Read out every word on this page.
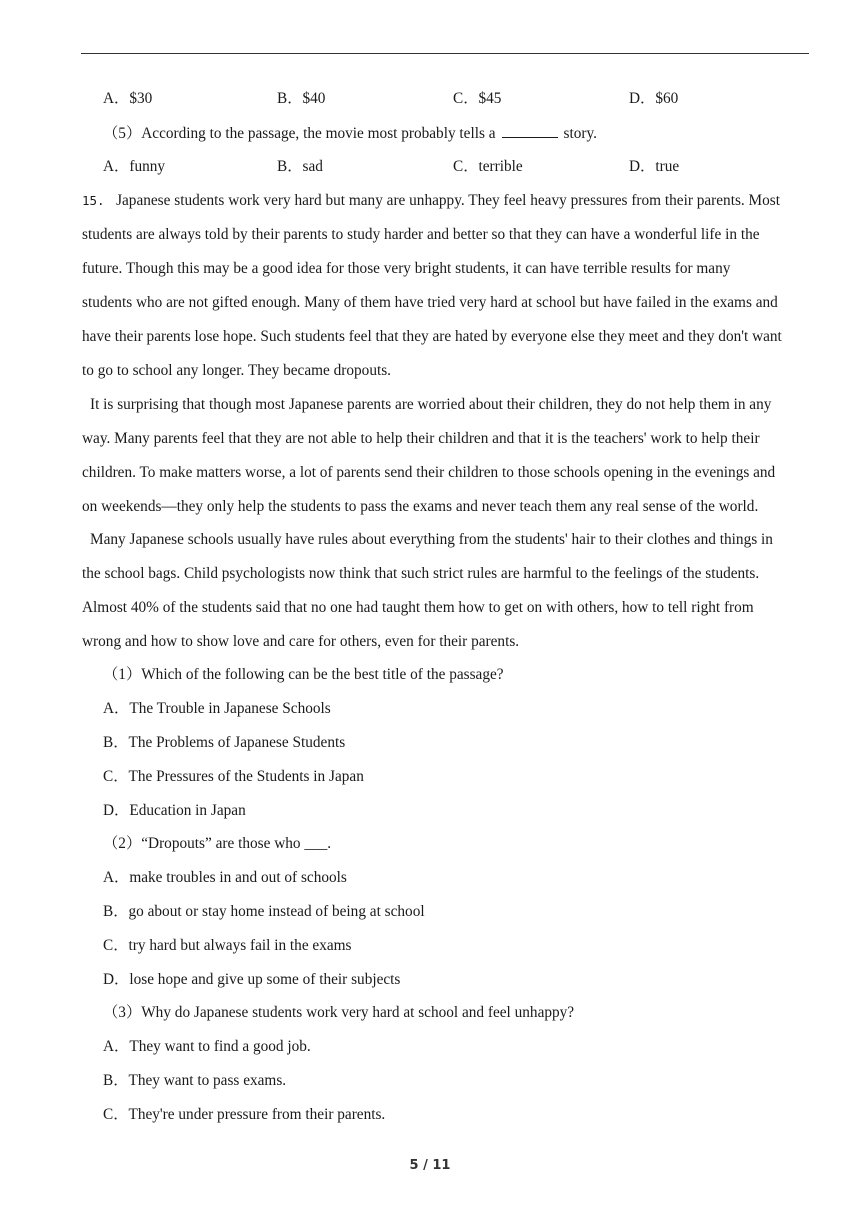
A．$30	B．$40	C．$45	D．$60
（5）According to the passage, the movie most probably tells a	story.
A．funny	B．sad	C．terrible	D．true
15. Japanese students work very hard but many are unhappy. They feel heavy pressures from their parents. Most
students are always told by their parents to study harder and better so that they can have a wonderful life in the
future. Though this may be a good idea for those very bright students, it can have terrible results for many
students who are not gifted enough. Many of them have tried very hard at school but have failed in the exams and
have their parents lose hope. Such students feel that they are hated by everyone else they meet and they don't want
to go to school any longer. They became dropouts.
It is surprising that though most Japanese parents are worried about their children, they do not help them in any
way. Many parents feel that they are not able to help their children and that it is the teachers' work to help their
children. To make matters worse, a lot of parents send their children to those schools opening in the evenings and
on weekends—they only help the students to pass the exams and never teach them any real sense of the world.
Many Japanese schools usually have rules about everything from the students' hair to their clothes and things in
the school bags. Child psychologists now think that such strict rules are harmful to the feelings of the students.
Almost 40% of the students said that no one had taught them how to get on with others, how to tell right from
wrong and how to show love and care for others, even for their parents.
（1）Which of the following can be the best title of the passage?
A．The Trouble in Japanese Schools
B．The Problems of Japanese Students
C．The Pressures of the Students in Japan
D．Education in Japan
（2）“Dropouts” are those who ___.
A．make troubles in and out of schools
B．go about or stay home instead of being at school
C．try hard but always fail in the exams
D．lose hope and give up some of their subjects
（3）Why do Japanese students work very hard at school and feel unhappy?
A．They want to find a good job.
B．They want to pass exams.
C．They're under pressure from their parents.
5 / 11
